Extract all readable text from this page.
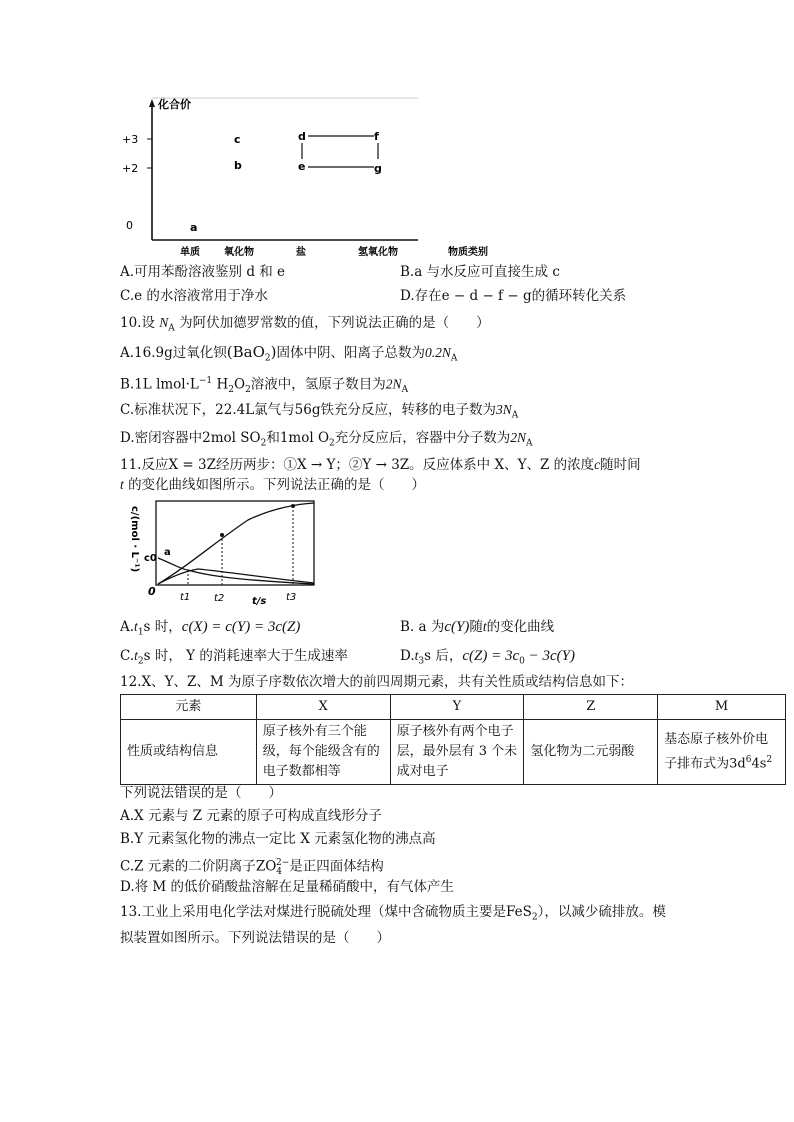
化合价
+3
+2
0
单质 氧化物	盐	氢氧化物	物质类别
a
b
c	d
e
f
g
A.可用苯酚溶液鉴别 d 和 e	B.a 与水反应可直接生成 c
C.e 的水溶液常用于净水	D.存在e − d − f − g的循环转化关系
10.设 $N_A$ 为阿伏加德罗常数的值，下列说法正确的是（　　）
A.16.9g过氧化钡(BaO$_2$)固体中阴、阳离子总数为$0.2N_A$
B.1L $lmol\cdot L^{-1}$ $H_2O_2$溶液中，氢原子数目为$2N_A$
C.标准状况下，22.4L氯气与56g铁充分反应，转移的电子数为$3N_A$
D.密闭容器中2mol $SO_2$和1mol $O_2$充分反应后，容器中分子数为$2N_A$
11.反应X = 3Z经历两步：①X → Y；②Y → 3Z。反应体系中 X、Y、Z 的浓度c随时间
t 的变化曲线如图所示。下列说法正确的是（　　）
c/(mol · L⁻¹) c0
0 t1 t2	t3
t/s
a
$A.t_1s$ 时，c(X) = c(Y) = 3c(Z)	B. a 为c(Y)随t的变化曲线
$C.t_2s$ 时， Y 的消耗速率大于生成速率	$D.t_3s$ 后，$c(Z) = 3c_0 - 3c(Y)$
12.X、Y、Z、M 为原子序数依次增大的前四周期元素，共有关性质或结构信息如下：
元素	X	Y	Z	M
性质或结构信息	原子核外有三个能级，每个能级含有的电子数都相等	原子核外有两个电子层，最外层有 3 个未成对电子	氢化物为二元弱酸	基态原子核外价电子排布式为$3d^64s^2$
下列说法错误的是（　　）
A.X 元素与 Z 元素的原子可构成直线形分子
B.Y 元素氢化物的沸点一定比 X 元素氢化物的沸点高
C.Z 元素的二价阴离子$ZO_4^{2-}$是正四面体结构
D.将 M 的低价硝酸盐溶解在足量稀硝酸中，有气体产生
13.工业上采用电化学法对煤进行脱硫处理（煤中含硫物质主要是FeS$_2$），以减少硫排放。模
拟装置如图所示。下列说法错误的是（　　）
